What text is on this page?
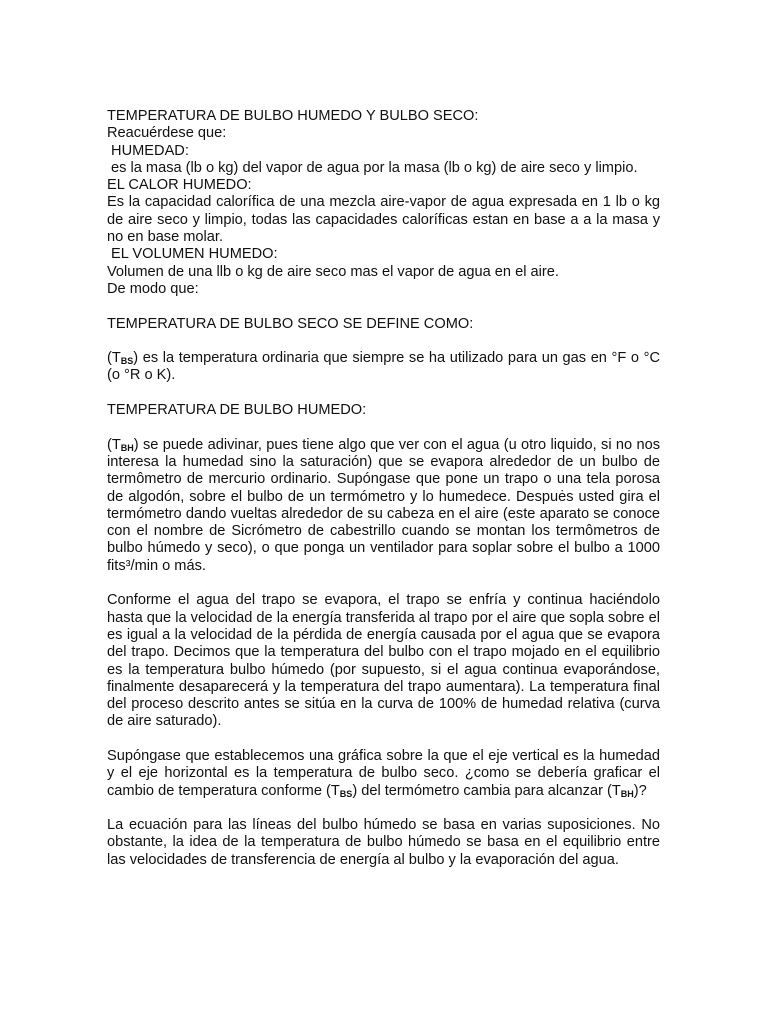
TEMPERATURA DE BULBO HUMEDO Y BULBO SECO:

Reacuérdese que:

HUMEDAD:

es la masa (lb o kg) del vapor de agua por la masa (lb o kg) de aire seco y limpio.

EL CALOR HUMEDO:

Es la capacidad calorífica de una mezcla aire-vapor de agua expresada en 1 lb o kg de aire seco y limpio, todas las capacidades caloríficas estan en base a a la masa y no en base molar.

EL VOLUMEN HUMEDO:

Volumen de una llb o kg de aire seco mas el vapor de agua en el aire.

De modo que:

TEMPERATURA DE BULBO SECO SE DEFINE COMO:

$(T_{BS})$ es la temperatura ordinaria que siempre se ha utilizado para un gas en °F o °C (o °R o K).

TEMPERATURA DE BULBO HUMEDO:

$(T_{BH})$ se puede adivinar, pues tiene algo que ver con el agua (u otro liquido, si no nos interesa la humedad sino la saturación) que se evapora alrededor de un bulbo de termômetro de mercurio ordinario. Supóngase que pone un trapo o una tela porosa de algodón, sobre el bulbo de un termómetro y lo humedece. Despuės usted gira el termómetro dando vueltas alrededor de su cabeza en el aire (este aparato se conoce con el nombre de Sicrómetro de cabestrillo cuando se montan los termômetros de bulbo húmedo y seco), o que ponga un ventilador para soplar sobre el bulbo a 1000 fits³/min o más.

Conforme el agua del trapo se evapora, el trapo se enfría y continua haciéndolo hasta que la velocidad de la energía transferida al trapo por el aire que sopla sobre el es igual a la velocidad de la pérdida de energía causada por el agua que se evapora del trapo. Decimos que la temperatura del bulbo con el trapo mojado en el equilibrio es la temperatura bulbo húmedo (por supuesto, si el agua continua evaporándose, finalmente desaparecerá y la temperatura del trapo aumentara). La temperatura final del proceso descrito antes se sitúa en la curva de 100% de humedad relativa (curva de aire saturado).

Supóngase que establecemos una gráfica sobre la que el eje vertical es la humedad y el eje horizontal es la temperatura de bulbo seco. ¿como se debería graficar el cambio de temperatura conforme $(T_{BS})$ del termómetro cambia para alcanzar $(T_{BH})$?

La ecuación para las líneas del bulbo húmedo se basa en varias suposiciones. No obstante, la idea de la temperatura de bulbo húmedo se basa en el equilibrio entre las velocidades de transferencia de energía al bulbo y la evaporación del agua.
